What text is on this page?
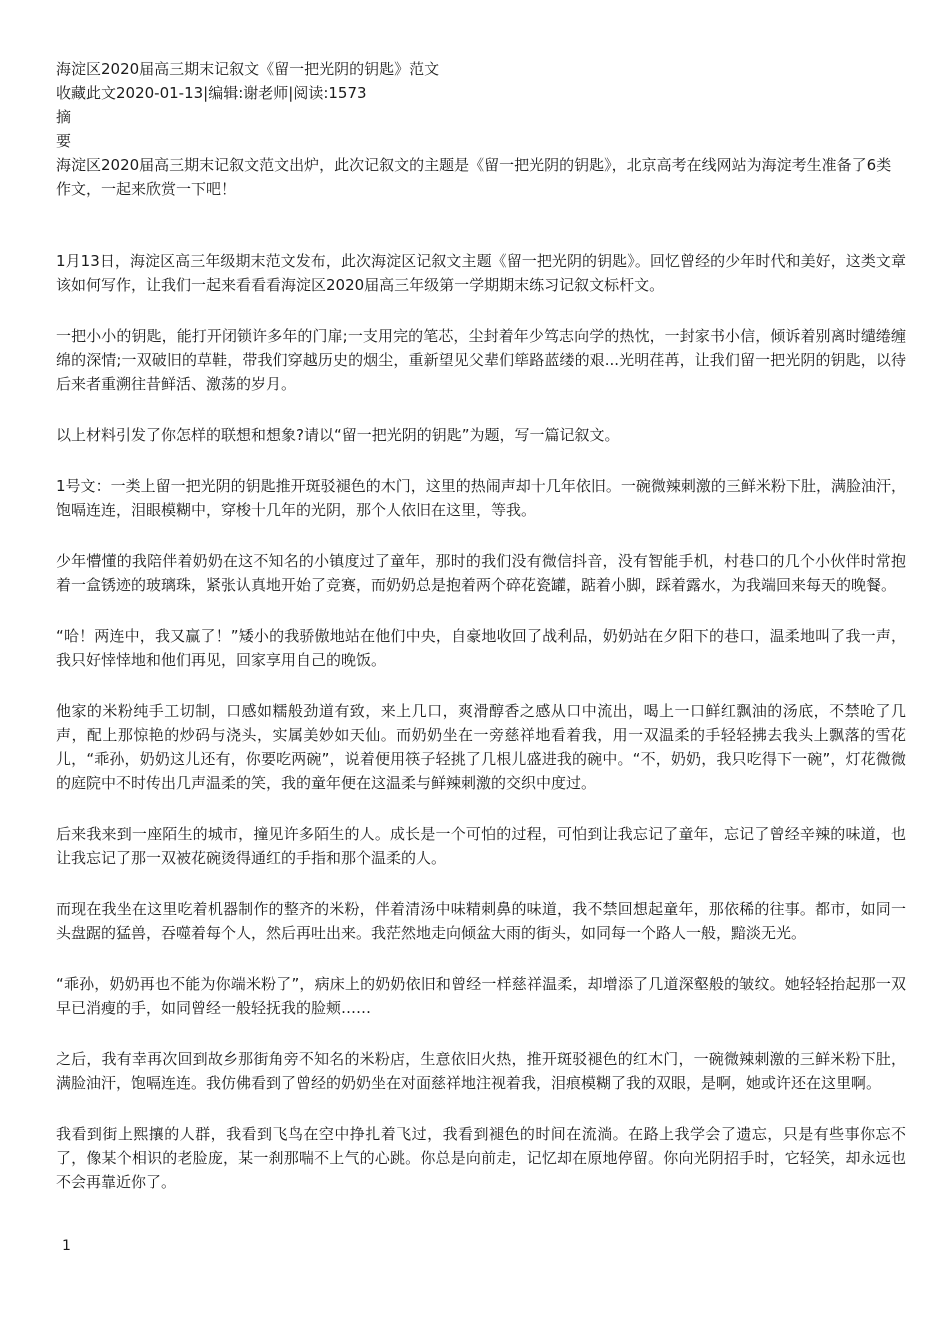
海淀区2020届高三期末记叙文《留一把光阴的钥匙》范文
收藏此文2020-01-13|编辑:谢老师|阅读:1573
摘
要

海淀区2020届高三期末记叙文范文出炉，此次记叙文的主题是《留一把光阴的钥匙》，北京高考在线网站为海淀考生准备了6类作文，一起来欣赏一下吧！

1月13日，海淀区高三年级期末范文发布，此次海淀区记叙文主题《留一把光阴的钥匙》。回忆曾经的少年时代和美好，这类文章该如何写作，让我们一起来看看看海淀区2020届高三年级第一学期期末练习记叙文标杆文。

一把小小的钥匙，能打开闭锁许多年的门扉;一支用完的笔芯，尘封着年少笃志向学的热忱，一封家书小信，倾诉着别离时缱绻缠绵的深情;一双破旧的草鞋，带我们穿越历史的烟尘，重新望见父辈们筚路蓝缕的艰...光明荏苒，让我们留一把光阴的钥匙，以待后来者重溯往昔鲜活、激荡的岁月。

以上材料引发了你怎样的联想和想象?请以“留一把光阴的钥匙”为题，写一篇记叙文。

1号文：一类上留一把光阴的钥匙推开斑驳褪色的木门，这里的热闹声却十几年依旧。一碗微辣刺激的三鲜米粉下肚，满脸油汗，饱嗝连连，泪眼模糊中，穿梭十几年的光阴，那个人依旧在这里，等我。

少年懵懂的我陪伴着奶奶在这不知名的小镇度过了童年，那时的我们没有微信抖音，没有智能手机，村巷口的几个小伙伴时常抱着一盒锈迹的玻璃珠，紧张认真地开始了竞赛，而奶奶总是抱着两个碎花瓷罐，踮着小脚，踩着露水，为我端回来每天的晚餐。

“哈！两连中，我又赢了！”矮小的我骄傲地站在他们中央，自豪地收回了战利品，奶奶站在夕阳下的巷口，温柔地叫了我一声，我只好悻悻地和他们再见，回家享用自己的晚饭。

他家的米粉纯手工切制，口感如糯般劲道有致，来上几口，爽滑醇香之感从口中流出，喝上一口鲜红飘油的汤底，不禁呛了几声，配上那惊艳的炒码与浇头，实属美妙如天仙。而奶奶坐在一旁慈祥地看着我，用一双温柔的手轻轻拂去我头上飘落的雪花儿，“乖孙，奶奶这儿还有，你要吃两碗”，说着便用筷子轻挑了几根儿盛进我的碗中。“不，奶奶，我只吃得下一碗”，灯花微微的庭院中不时传出几声温柔的笑，我的童年便在这温柔与鲜辣刺激的交织中度过。

后来我来到一座陌生的城市，撞见许多陌生的人。成长是一个可怕的过程，可怕到让我忘记了童年，忘记了曾经辛辣的味道，也让我忘记了那一双被花碗烫得通红的手指和那个温柔的人。

而现在我坐在这里吃着机器制作的整齐的米粉，伴着清汤中味精刺鼻的味道，我不禁回想起童年，那依稀的往事。都市，如同一头盘踞的猛兽，吞噬着每个人，然后再吐出来。我茫然地走向倾盆大雨的街头，如同每一个路人一般，黯淡无光。

“乖孙，奶奶再也不能为你端米粉了”，病床上的奶奶依旧和曾经一样慈祥温柔，却增添了几道深壑般的皱纹。她轻轻抬起那一双早已消瘦的手，如同曾经一般轻抚我的脸颊……

之后，我有幸再次回到故乡那街角旁不知名的米粉店，生意依旧火热，推开斑驳褪色的红木门，一碗微辣刺激的三鲜米粉下肚，满脸油汗，饱嗝连连。我仿佛看到了曾经的奶奶坐在对面慈祥地注视着我，泪痕模糊了我的双眼，是啊，她或许还在这里啊。

我看到街上熙攘的人群，我看到飞鸟在空中挣扎着飞过，我看到褪色的时间在流淌。在路上我学会了遗忘，只是有些事你忘不了，像某个相识的老脸庞，某一刹那喘不上气的心跳。你总是向前走，记忆却在原地停留。你向光阴招手时，它轻笑，却永远也不会再靠近你了。

1
